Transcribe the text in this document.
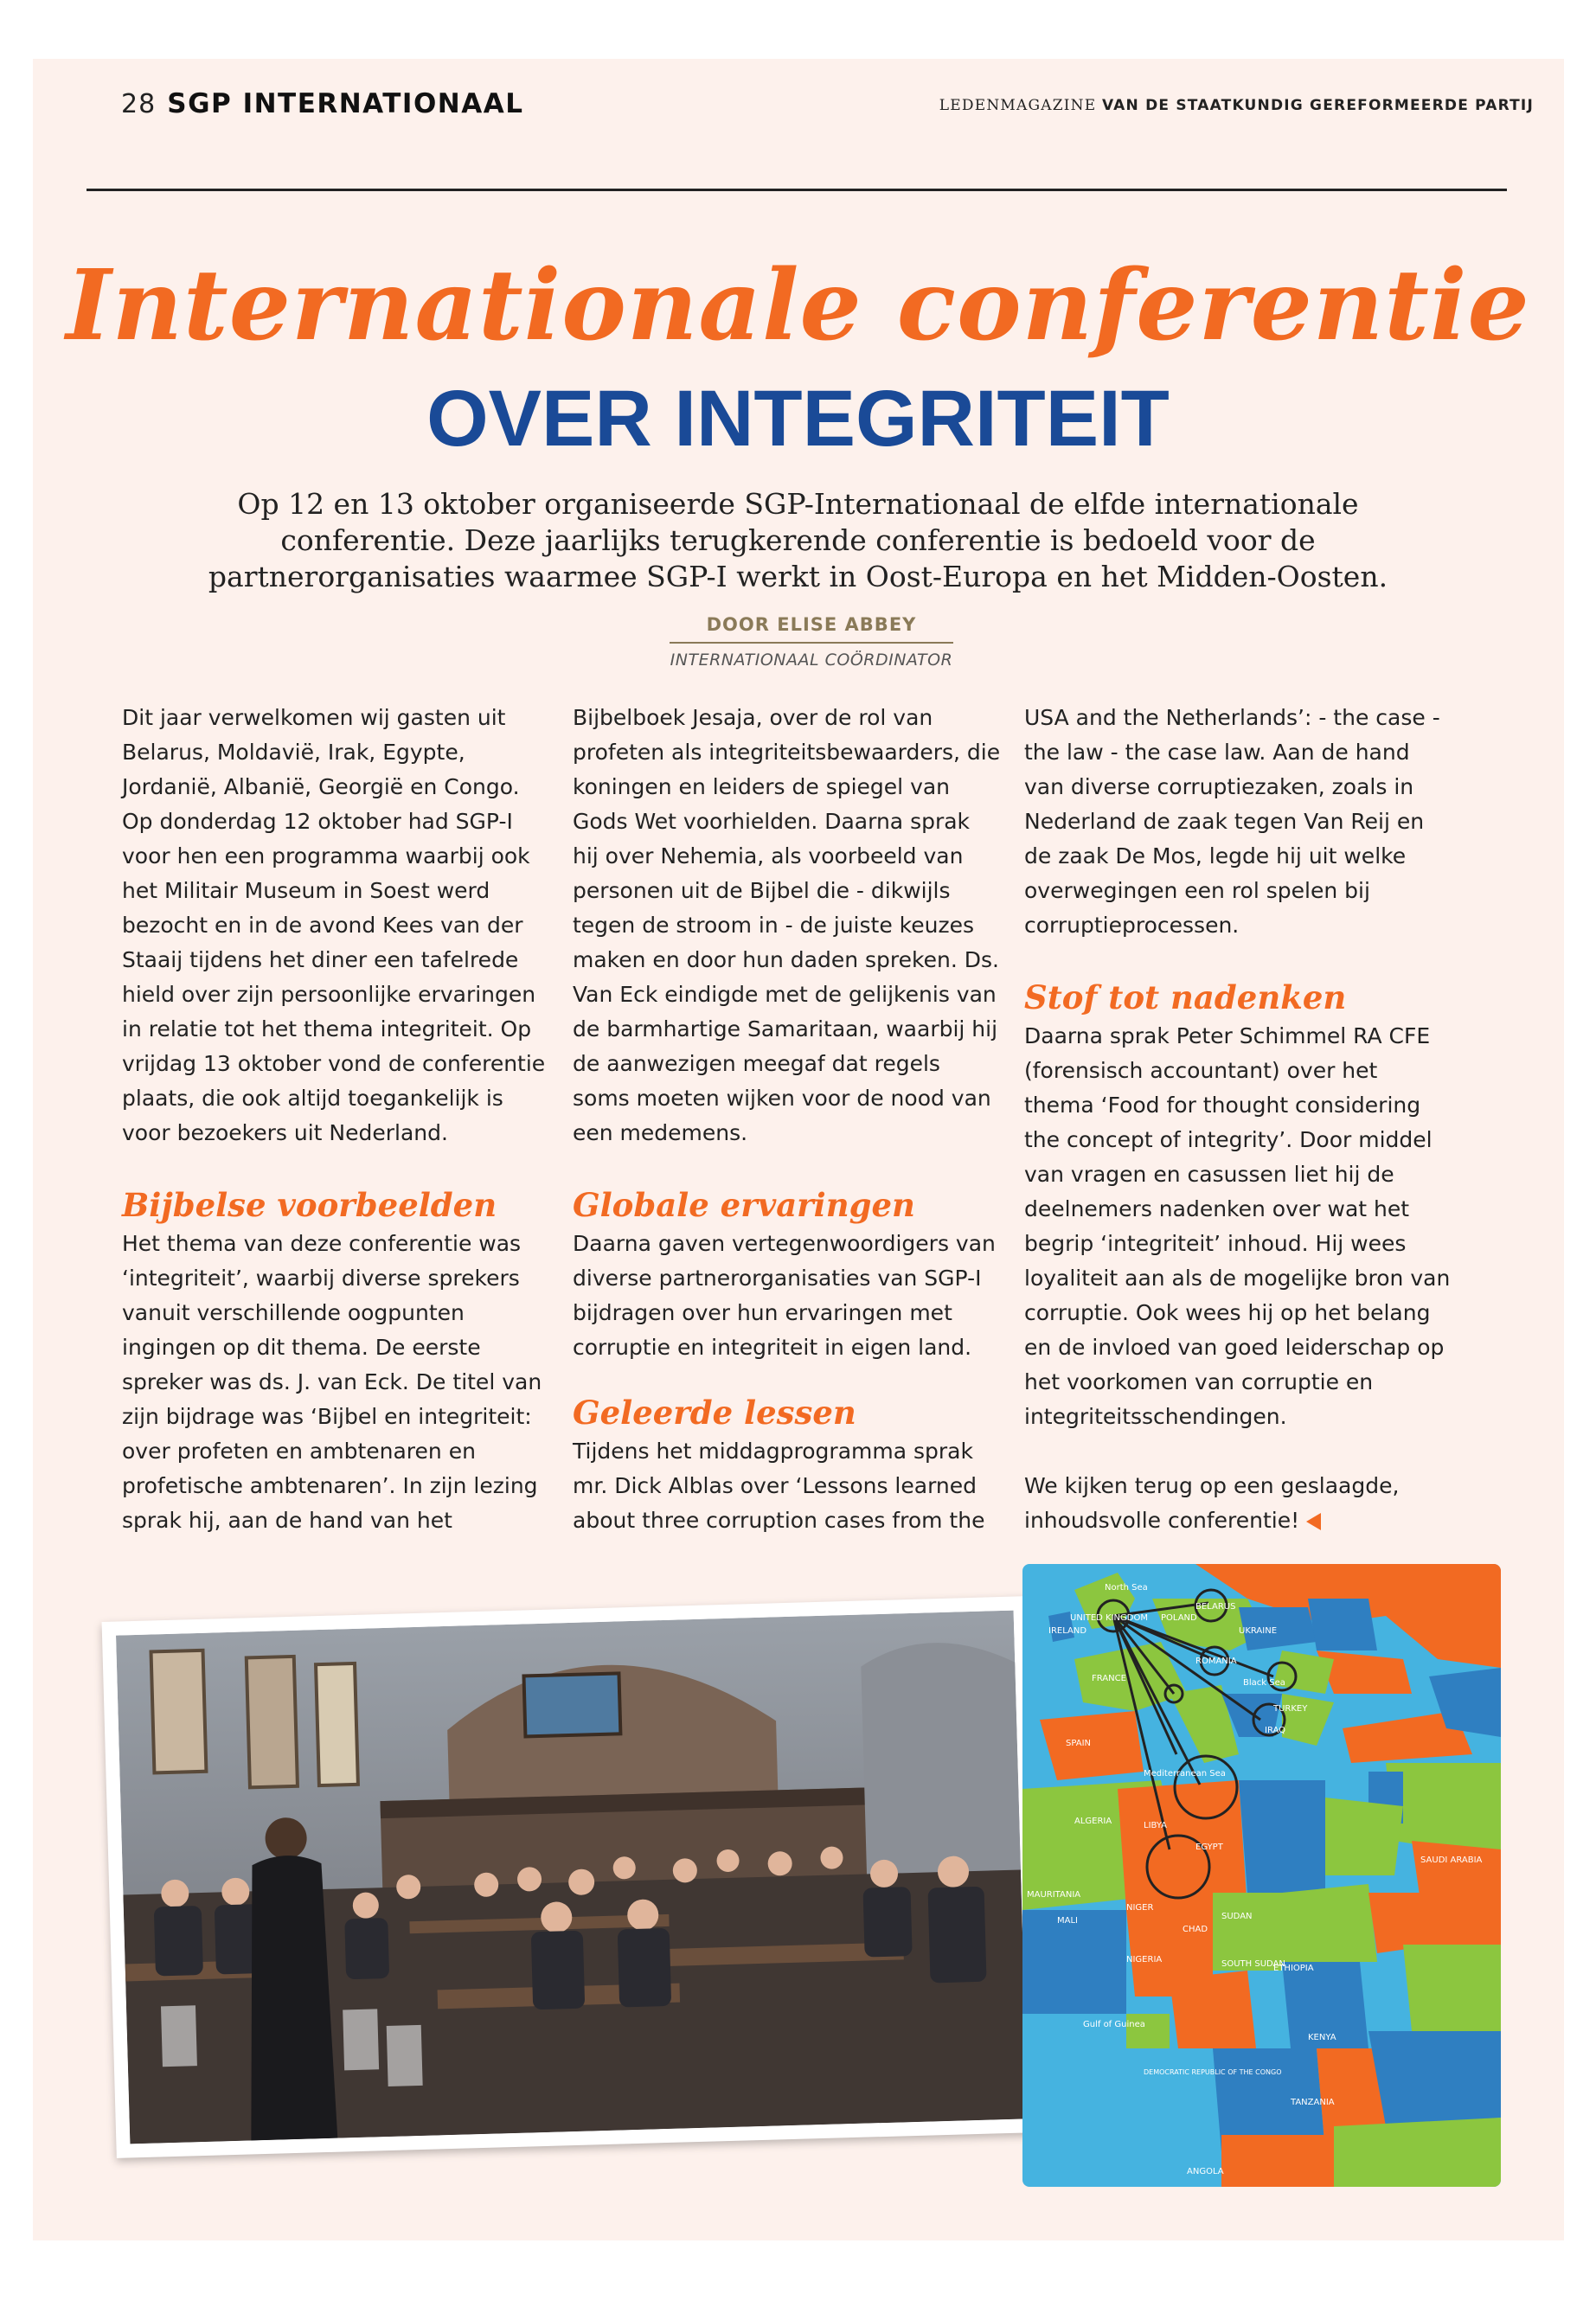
28 SGP INTERNATIONAAL	LEDENMAGAZINE VAN DE STAATKUNDIG GEREFORMEERDE PARTIJ
Internationale conferentie
OVER INTEGRITEIT
Op 12 en 13 oktober organiseerde SGP-Internationaal de elfde internationale conferentie. Deze jaarlijks terugkerende conferentie is bedoeld voor de partnerorganisaties waarmee SGP-I werkt in Oost-Europa en het Midden-Oosten.
DOOR ELISE ABBEY
INTERNATIONAAL COÖRDINATOR

Dit jaar verwelkomen wij gasten uit Belarus, Moldavië, Irak, Egypte, Jordanië, Albanië, Georgië en Congo. Op donderdag 12 oktober had SGP-I voor hen een programma waarbij ook het Militair Museum in Soest werd bezocht en in de avond Kees van der Staaij tijdens het diner een tafelrede hield over zijn persoonlijke ervaringen in relatie tot het thema integriteit. Op vrijdag 13 oktober vond de conferentie plaats, die ook altijd toegankelijk is voor bezoekers uit Nederland.

Bijbelse voorbeelden

Het thema van deze conferentie was ‘integriteit’, waarbij diverse sprekers vanuit verschillende oogpunten ingingen op dit thema. De eerste spreker was ds. J. van Eck. De titel van zijn bijdrage was ‘Bijbel en integriteit: over profeten en ambtenaren en profetische ambtenaren’. In zijn lezing sprak hij, aan de hand van het

Bijbelboek Jesaja, over de rol van profeten als integriteitsbewaarders, die koningen en leiders de spiegel van Gods Wet voorhielden. Daarna sprak hij over Nehemia, als voorbeeld van personen uit de Bijbel die - dikwijls tegen de stroom in - de juiste keuzes maken en door hun daden spreken. Ds. Van Eck eindigde met de gelijkenis van de barmhartige Samaritaan, waarbij hij de aanwezigen meegaf dat regels soms moeten wijken voor de nood van een medemens.

Globale ervaringen

Daarna gaven vertegenwoordigers van diverse partnerorganisaties van SGP-I bijdragen over hun ervaringen met corruptie en integriteit in eigen land.

Geleerde lessen

Tijdens het middagprogramma sprak mr. Dick Alblas over ‘Lessons learned about three corruption cases from the

USA and the Netherlands’: - the case - the law - the case law. Aan de hand van diverse corruptiezaken, zoals in Nederland de zaak tegen Van Reij en de zaak De Mos, legde hij uit welke overwegingen een rol spelen bij corruptieprocessen.

Stof tot nadenken

Daarna sprak Peter Schimmel RA CFE (forensisch accountant) over het thema ‘Food for thought considering the concept of integrity’. Door middel van vragen en casussen liet hij de deelnemers nadenken over wat het begrip ‘integriteit’ inhoud. Hij wees loyaliteit aan als de mogelijke bron van corruptie. Ook wees hij op het belang en de invloed van goed leiderschap op het voorkomen van corruptie en integriteitsschendingen.

We kijken terug op een geslaagde, inhoudsvolle conferentie!

North Sea
UNITED KINGDOM
IRELAND
POLAND
BELARUS
FRANCE
UKRAINE
ROMANIA
Black Sea
SPAIN
TURKEY
Mediterranean Sea
IRAQ
ALGERIA	LIBYA
EGYPT
SAUDI ARABIA
MAURITANIA
MALI
NIGER
CHAD
SUDAN
NIGERIA
ETHIOPIA
SOUTH SUDAN
Gulf of Guinea
DEMOCRATIC REPUBLIC OF THE CONGO
KENYA
TANZANIA
ANGOLA
